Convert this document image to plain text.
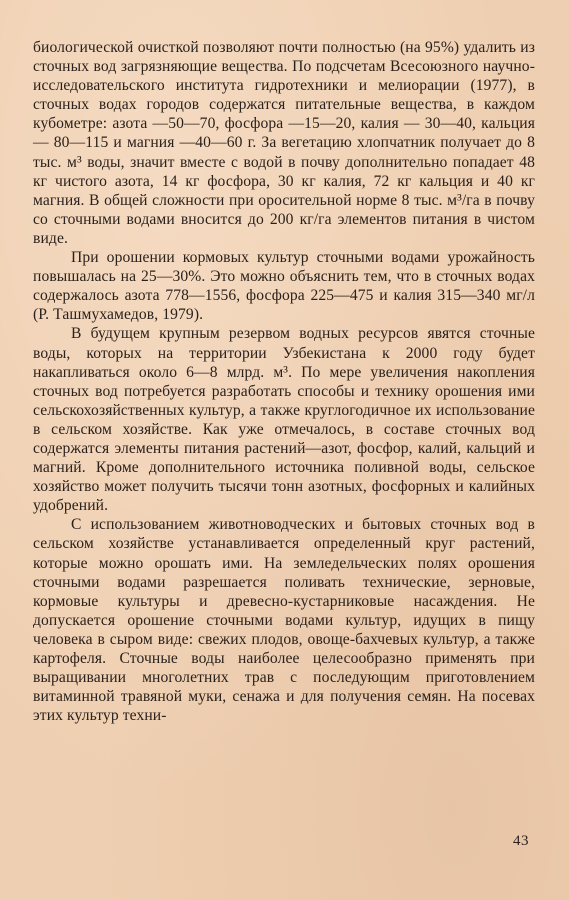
биологической очисткой позволяют почти полностью (на 95%) удалить из сточных вод загрязняющие вещества. По подсчетам Всесоюзного научно-исследовательского института гидротехники и мелиорации (1977), в сточных водах городов содержатся питательные вещества, в каждом кубометре: азота —50—70, фосфора —15—20, калия — 30—40, кальция — 80—115 и магния —40—60 г. За вегетацию хлопчатник получает до 8 тыс. м³ воды, значит вместе с водой в почву дополнительно попадает 48 кг чистого азота, 14 кг фосфора, 30 кг калия, 72 кг кальция и 40 кг магния. В общей сложности при оросительной норме 8 тыс. м³/га в почву со сточными водами вносится до 200 кг/га элементов питания в чистом виде.

При орошении кормовых культур сточными водами урожайность повышалась на 25—30%. Это можно объяснить тем, что в сточных водах содержалось азота 778—1556, фосфора 225—475 и калия 315—340 мг/л (Р. Ташмухамедов, 1979).

В будущем крупным резервом водных ресурсов явятся сточные воды, которых на территории Узбекистана к 2000 году будет накапливаться около 6—8 млрд. м³. По мере увеличения накопления сточных вод потребуется разработать способы и технику орошения ими сельскохозяйственных культур, а также круглогодичное их использование в сельском хозяйстве. Как уже отмечалось, в составе сточных вод содержатся элементы питания растений—азот, фосфор, калий, кальций и магний. Кроме дополнительного источника поливной воды, сельское хозяйство может получить тысячи тонн азотных, фосфорных и калийных удобрений.

С использованием животноводческих и бытовых сточных вод в сельском хозяйстве устанавливается определенный круг растений, которые можно орошать ими. На земледельческих полях орошения сточными водами разрешается поливать технические, зерновые, кормовые культуры и древесно-кустарниковые насаждения. Не допускается орошение сточными водами культур, идущих в пищу человека в сыром виде: свежих плодов, овоще-бахчевых культур, а также картофеля. Сточные воды наиболее целесообразно применять при выращивании многолетних трав с последующим приготовлением витаминной травяной муки, сенажа и для получения семян. На посевах этих культур техни-

43
